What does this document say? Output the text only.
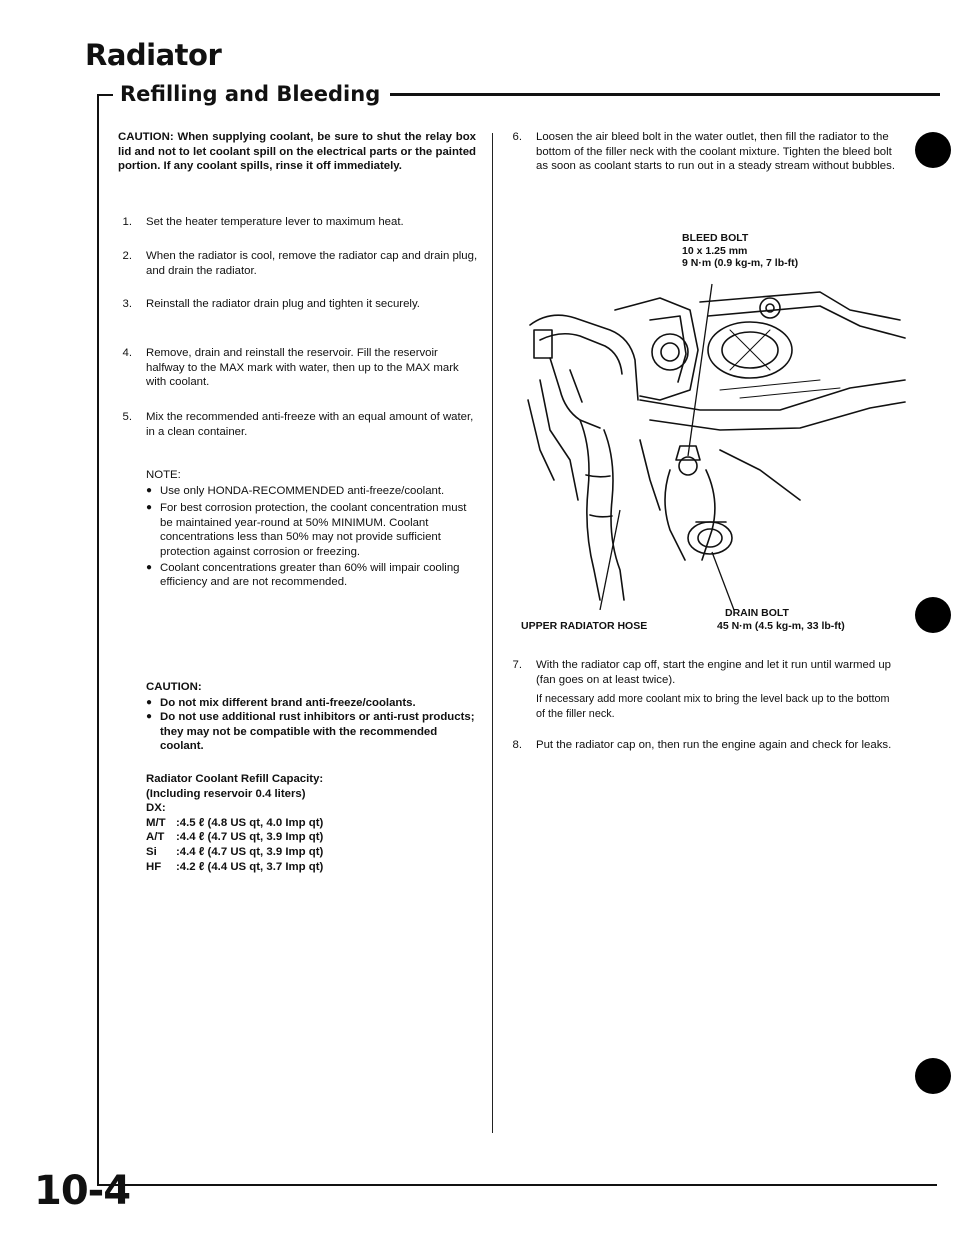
Radiator
Refilling and Bleeding
CAUTION: When supplying coolant, be sure to shut the relay box lid and not to let coolant spill on the electrical parts or the painted portion. If any coolant spills, rinse it off immediately.
1. Set the heater temperature lever to maximum heat.
2. When the radiator is cool, remove the radiator cap and drain plug, and drain the radiator.
3. Reinstall the radiator drain plug and tighten it securely.
4. Remove, drain and reinstall the reservoir. Fill the reservoir halfway to the MAX mark with water, then up to the MAX mark with coolant.
5. Mix the recommended anti-freeze with an equal amount of water, in a clean container.
NOTE:
● Use only HONDA-RECOMMENDED anti-freeze/coolant.
● For best corrosion protection, the coolant concentration must be maintained year-round at 50% MINIMUM. Coolant concentrations less than 50% may not provide sufficient protection against corrosion or freezing.
● Coolant concentrations greater than 60% will impair cooling efficiency and are not recommended.
CAUTION:
● Do not mix different brand anti-freeze/coolants.
● Do not use additional rust inhibitors or anti-rust products; they may not be compatible with the recommended coolant.
Radiator Coolant Refill Capacity:
(Including reservoir 0.4 liters)
DX:
M/T :4.5 ℓ (4.8 US qt, 4.0 Imp qt)
A/T	:4.4 ℓ (4.7 US qt, 3.9 Imp qt)
Si	:4.4 ℓ (4.7 US qt, 3.9 Imp qt)
HF	:4.2 ℓ (4.4 US qt, 3.7 Imp qt)
6. Loosen the air bleed bolt in the water outlet, then fill the radiator to the bottom of the filler neck with the coolant mixture. Tighten the bleed bolt as soon as coolant starts to run out in a steady stream without bubbles.
BLEED BOLT
10 x 1.25 mm
9 N·m (0.9 kg-m, 7 lb-ft)
UPPER RADIATOR HOSE
DRAIN BOLT
45 N·m (4.5 kg-m, 33 lb-ft)
7. With the radiator cap off, start the engine and let it run until warmed up (fan goes on at least twice).
If necessary add more coolant mix to bring the level back up to the bottom of the filler neck.
8. Put the radiator cap on, then run the engine again and check for leaks.
10-4
